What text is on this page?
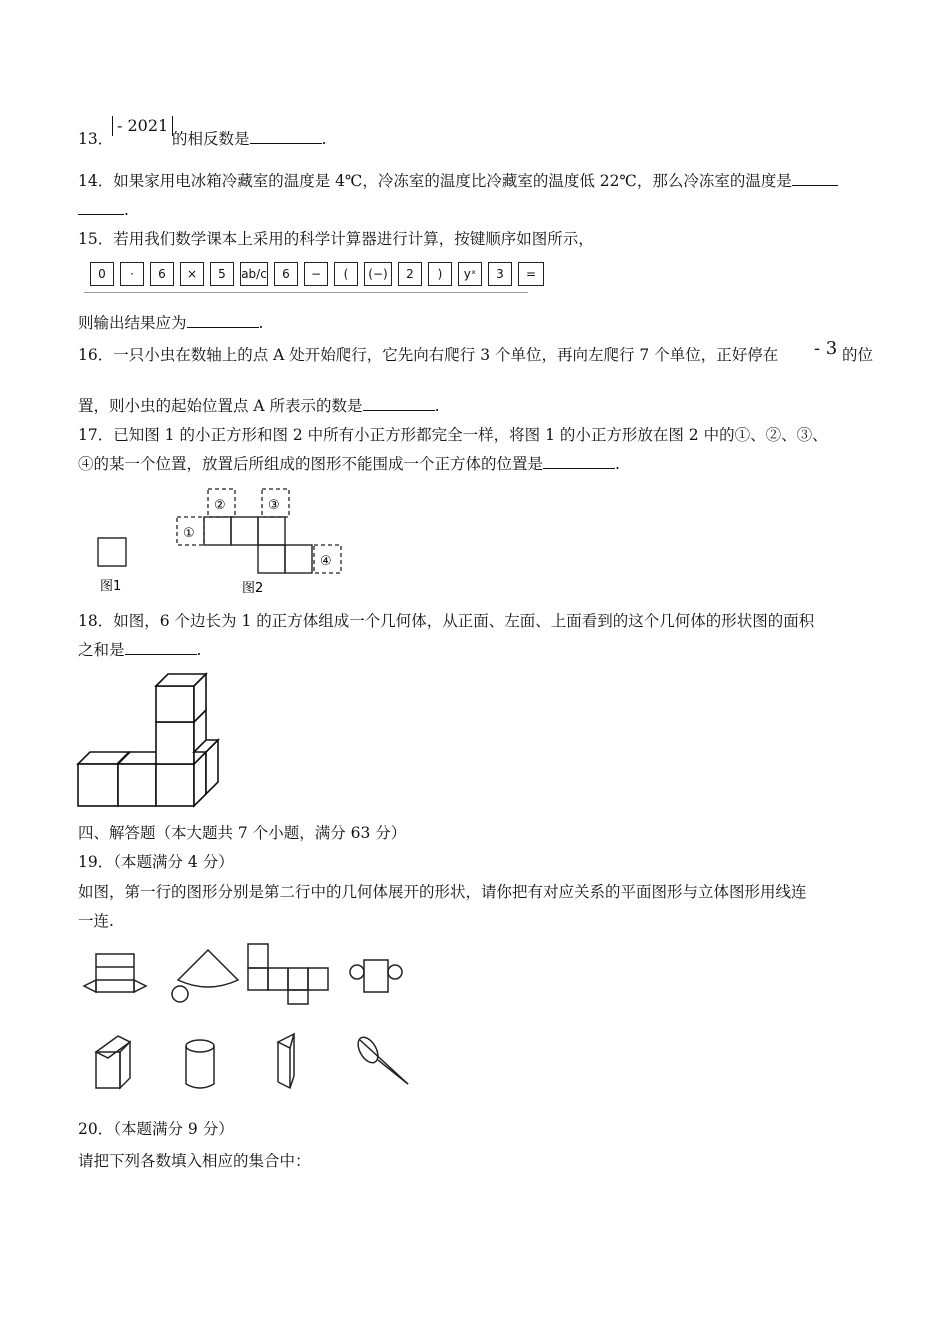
13．
- 2021
的相反数是	.
14．如果家用电冰箱冷藏室的温度是 4℃，冷冻室的温度比冷藏室的温度低 22℃，那么冷冻室的温度是
.
15．若用我们数学课本上采用的科学计算器进行计算，按键顺序如图所示，
0	·	6	×	5	ab/c	6	−	(	(−)	2	)	yˣ	3	=
则输出结果应为	.
16．一只小虫在数轴上的点 A 处开始爬行，它先向右爬行 3 个单位，再向左爬行 7 个单位，正好停在 - 3 的位
置，则小虫的起始位置点 A 所表示的数是	.
17．已知图 1 的小正方形和图 2 中所有小正方形都完全一样，将图 1 的小正方形放在图 2 中的①、②、③、
④的某一个位置，放置后所组成的图形不能围成一个正方体的位置是	.
①
②	③
④
图1	图2
18．如图，6 个边长为 1 的正方体组成一个几何体，从正面、左面、上面看到的这个几何体的形状图的面积
之和是	.
四、解答题（本大题共 7 个小题，满分 63 分）
19．（本题满分 4 分）
如图，第一行的图形分别是第二行中的几何体展开的形状，请你把有对应关系的平面图形与立体图形用线连
一连.
20．（本题满分 9 分）
请把下列各数填入相应的集合中：
